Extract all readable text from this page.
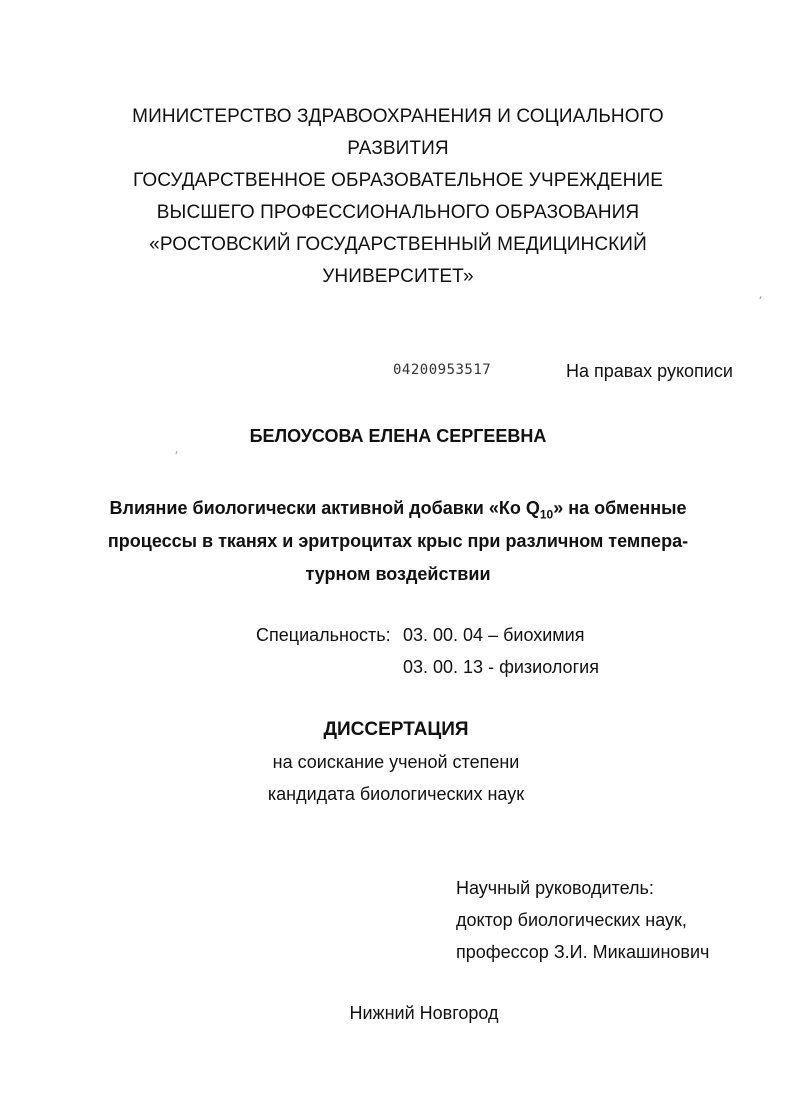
МИНИСТЕРСТВО ЗДРАВООХРАНЕНИЯ И СОЦИАЛЬНОГО
РАЗВИТИЯ
ГОСУДАРСТВЕННОЕ ОБРАЗОВАТЕЛЬНОЕ УЧРЕЖДЕНИЕ
ВЫСШЕГО ПРОФЕССИОНАЛЬНОГО ОБРАЗОВАНИЯ
«РОСТОВСКИЙ ГОСУДАРСТВЕННЫЙ МЕДИЦИНСКИЙ
УНИВЕРСИТЕТ»
04200953517	На правах рукописи
БЕЛОУСОВА ЕЛЕНА СЕРГЕЕВНА
Влияние биологически активной добавки «Ко $Q_{10}$» на обменные
процессы в тканях и эритроцитах крыс при различном темпера-
турном воздействии
Специальность: 03. 00. 04 – биохимия
03. 00. 13 - физиология
ДИССЕРТАЦИЯ
на соискание ученой степени
кандидата биологических наук
Научный руководитель:
доктор биологических наук,
профессор З.И. Микашинович
Нижний Новгород
